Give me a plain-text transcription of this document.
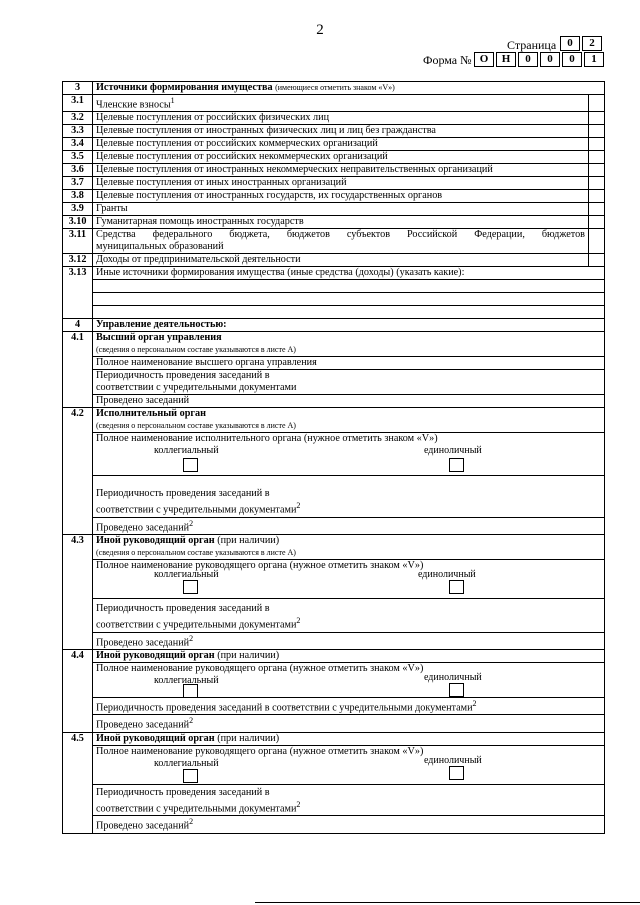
2
Страница	0	2
Форма № О	Н	0	0	0	1
3	Источники формирования имущества (имеющиеся отметить знаком «V»)	
3.1	Членские взносы$^1$	
3.2	Целевые поступления от российских физических лиц	
3.3	Целевые поступления от иностранных физических лиц и лиц без гражданства	
3.4	Целевые поступления от российских коммерческих организаций	
3.5	Целевые поступления от российских некоммерческих организаций	
3.6	Целевые поступления от иностранных некоммерческих неправительственных организаций	
3.7	Целевые поступления от иных иностранных организаций	
3.8	Целевые поступления от иностранных государств, их государственных органов	
3.9	Гранты	
3.10	Гуманитарная помощь иностранных государств	
3.11	Средства федерального бюджета, бюджетов субъектов Российской Федерации, бюджетов
муниципальных образований	

3.12	Доходы от предпринимательской деятельности	
3.13	Иные источники формирования имущества (иные средства (доходы) (указать какие):	

4	Управление деятельностью:	
4.1	Высший орган управления
(сведения о персональном составе указываются в листе А)	

	Полное наименование высшего органа управления	

	Периодичность проведения заседаний в
соответствии с учредительными документами	

	Проведено заседаний	
4.2	Исполнительный орган
(сведения о персональном составе указываются в листе А)	

	Полное наименование исполнительного органа (нужное отметить знаком «V»)
коллегиальный единоличный	

	Периодичность проведения заседаний в
соответствии с учредительными документами$^2$

	Проведено заседаний$^2$
4.3	Иной руководящий орган (при наличии)
(сведения о персональном составе указываются в листе А)	

	Полное наименование руководящего органа (нужное отметить знаком «V»)
коллегиальный единоличный	

	Периодичность проведения заседаний в
соответствии с учредительными документами$^2$

	Проведено заседаний$^2$
4.4	Иной руководящий орган (при наличии)	

	Полное наименование руководящего органа (нужное отметить знаком «V»)
коллегиальный единоличный	

	Периодичность проведения заседаний в соответствии с учредительными документами$^2$
	Проведено заседаний$^2$
4.5	Иной руководящий орган (при наличии)	

	Полное наименование руководящего органа (нужное отметить знаком «V»)
коллегиальный единоличный	

	Периодичность проведения заседаний в
соответствии с учредительными документами$^2$

	Проведено заседаний$^2$
